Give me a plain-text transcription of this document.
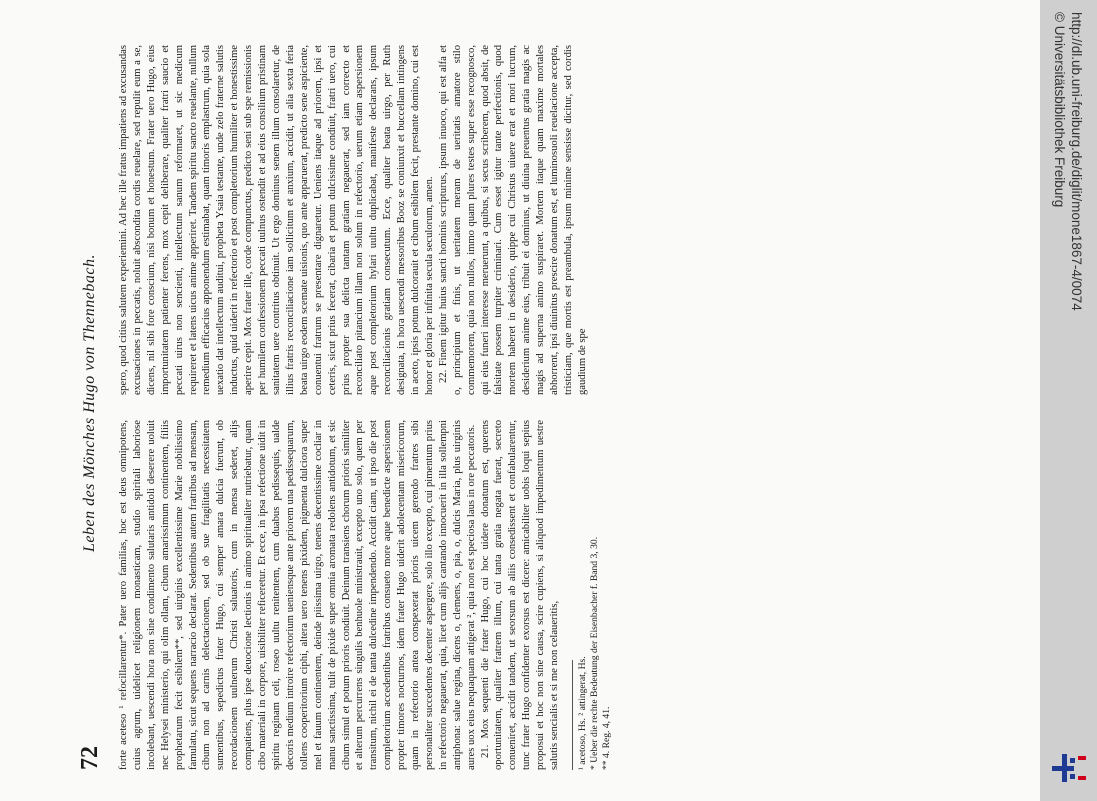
72
Leben des Mönches Hugo von Thennebach.

forte aceteso ¹ refocillarentur*. Pater uero familias, hoc est deus omnipotens, cuius agrum, uidelicet religionem monasticam, studio spiritali laboriose incolebant, uescendi hora non sine condimento salutaris antidoli deserere uoluit nec Helysei ministerio, qui olim ollam, cibum amarissimum continentem, filiis prophetarum fecit esibilem**, sed uirginis excellentissime Marie nobilissimo famulatu, sicut sequens narracio declarat. Sedentibus autem fratribus ad mensam, cibum non ad carnis delectacionem, sed ob sue fragilitatis necessitatem sumentibus, sepedictus frater Hugo, cui semper amara dulcia fuerunt, ob recordacionem uulnerum Christi saluatoris, cum in mensa sederet, alijs compatiens, plus ipse deuocione lectionis in animo spiritualiter nutriebatur, quam cibo materiali in corpore, uisibiliter reficeretur. Et ecce, in ipsa refectione uidit in spiritu reginam celi, roseo uultu renitentem, cum duabus pedissequis, ualde decoris medium introire refectorium ueniensque ante priorem una pedissequarum, tollens cooperitorium ciphi, altera uero tenens pixidem, pigmenta dulciora super mel et fauum continentem, deinde piissima uirgo, tenens decentissime cocliar in manu sanctissima, tulit de pixide super omnia aromata redolens antidotum, et sic cibum simul et potum prioris condiuit. Deinum transiens chorum prioris similiter et alterum percurrens singulis benhuole ministrauit, excepto uno solo, quem per transitum, nichil ei de tanta dulcedine impendendo. Accidit ciam, ut ipso die post completorium accedentibus fratribus consueto more aque benedicte aspersionem propter timores nocturnos, idem frater Hugo uiderit adolecentam misericorum, quam in refectorio antea conspexerat prioris uicem gerendo fratres sibi personaliter succedentes decenter aspergere, solo illo excepto, cui pimentum prius in refectorio negauerat, quia, licet cum alijs cantando innocuerit in illa sollempni antiphona: salue regina, dicens o, clemens, o, pia, o, dulcis Maria, plus uirginis aures uox eius nequaquam attigerat ², quia non est speciosa laus in ore peccatoris. 21. Mox sequenti die frater Hugo, cui hoc uidere donatum est, querens oportunitatem, qualiter fratrem illum, cui tanta gratia negata fuerat, secreto conueniret, accidit tandem, ut seorsum ab aliis consedissent et confabularentur, tunc frater Hugo confidenter exorsus est dicere: amicabiliter uobis loqui sepius proposui et hoc non sine causa, scire cupiens, si aliquod impedimentum uestre salutis sencialis et si me non celaueritis, ¹ acetoso, Hs. ² attingerat, Hs. * Ueber die rechte Bedeutung der Eisenbacher f. Band 3, 30. ** 4. Reg. 4, 41.

spero, quod citius salutem experiemini. Ad hec ille fratus impatiens ad excusandas excusaciones in peccatis, noluit abscondita cordis reuelare, sed repulit eum a se, dicens, nil sibi fore conscium, nisi bonum et honestum. Frater uero Hugo, eius importunitatem patienter ferens, mox cepit deliberare, qualiter fratri saucio et peccati uirus non sencienti, intellectum sanum reformaret, ut sic medicum requireret et latens uicus anime apperiret. Tandem spiritu sancto reuelante, nullum remedium efficacius apponendum estimabat, quam timoris emplastrum, quia sola uexatio dat intellectum auditui, propheta Ysaia testante, unde zelo fraterne salutis inductus, quid uiderit in refectorio et post completorium humiliter et honestissime aperire cepit. Mox frater ille, corde compunctus, predicto seni sub spe remissionis per humilem confessionem peccati uulnus ostendit et ad eius consilium pristinam sanitatem uere contritus obtinuit. Ut ergo dominus senem illum consolaretur, de illius fratris reconciliacione iam sollicitum et anxium, accidit, ut alia sexta feria beata uirgo eodem scemate uisionis, quo ante apparuerat, predicto sene aspiciente, conuentui fratrum se presentare dignaretur. Ueniens itaque ad priorem, ipsi et ceteris, sicut prius fecerat, cibaria et potum dulcissime condiuit, fratri uero, cui prius propter sua delicta tantam gratiam negauerat, sed iam correcto et reconciliato pitancium illam non solum in refectorio, uerum etiam aspersionem aque post completorium hylari uultu duplicabat, manifeste declarans, ipsum reconciliacionis gratiam consecutum. Ecce, qualiter beata uirgo, per Ruth designata, in hora uescendi messoribus Booz se coniunxit et buccellam intingens in aceto, ipsis potum dulcorauit et cibum esibilem fecit, prestante domino, cui est honor et gloria per infinita secula seculorum, amen. 22. Finem igitur huius sancti hominis scripturus, ipsum inuoco, qui est alfa et o, principium et finis, ut ueritatem meram de ueritatis amatore stilo commemorem, quia non nullos, immo quam plures testes super esse recognosco, qui eius funeri interesse meruerunt, a quibus, si secus scriberem, quod absit, de falsitate possem turpiter criminari. Cum esset igitur tante perfectionis, quod mortem haberet in desiderio, quippe cui Christus uiuere erat et mori lucrum, desiderium anime eius, tribuit ei dominus, ut diuina preuentus gratia magis ac magis ad superna animo suspiraret. Mortem itaque quam maxime mortales abhorrent, ipsi diuinitus prescire donatum est, et luminosuoli reuelacione accepta, tristiciam, que mortis est preambula, ipsum minime sensisse dicitur, sed cordis gaudium de spe

http://dl.ub.uni-freiburg.de/diglit/mone1867-4/0074
© Universitätsbibliothek Freiburg
